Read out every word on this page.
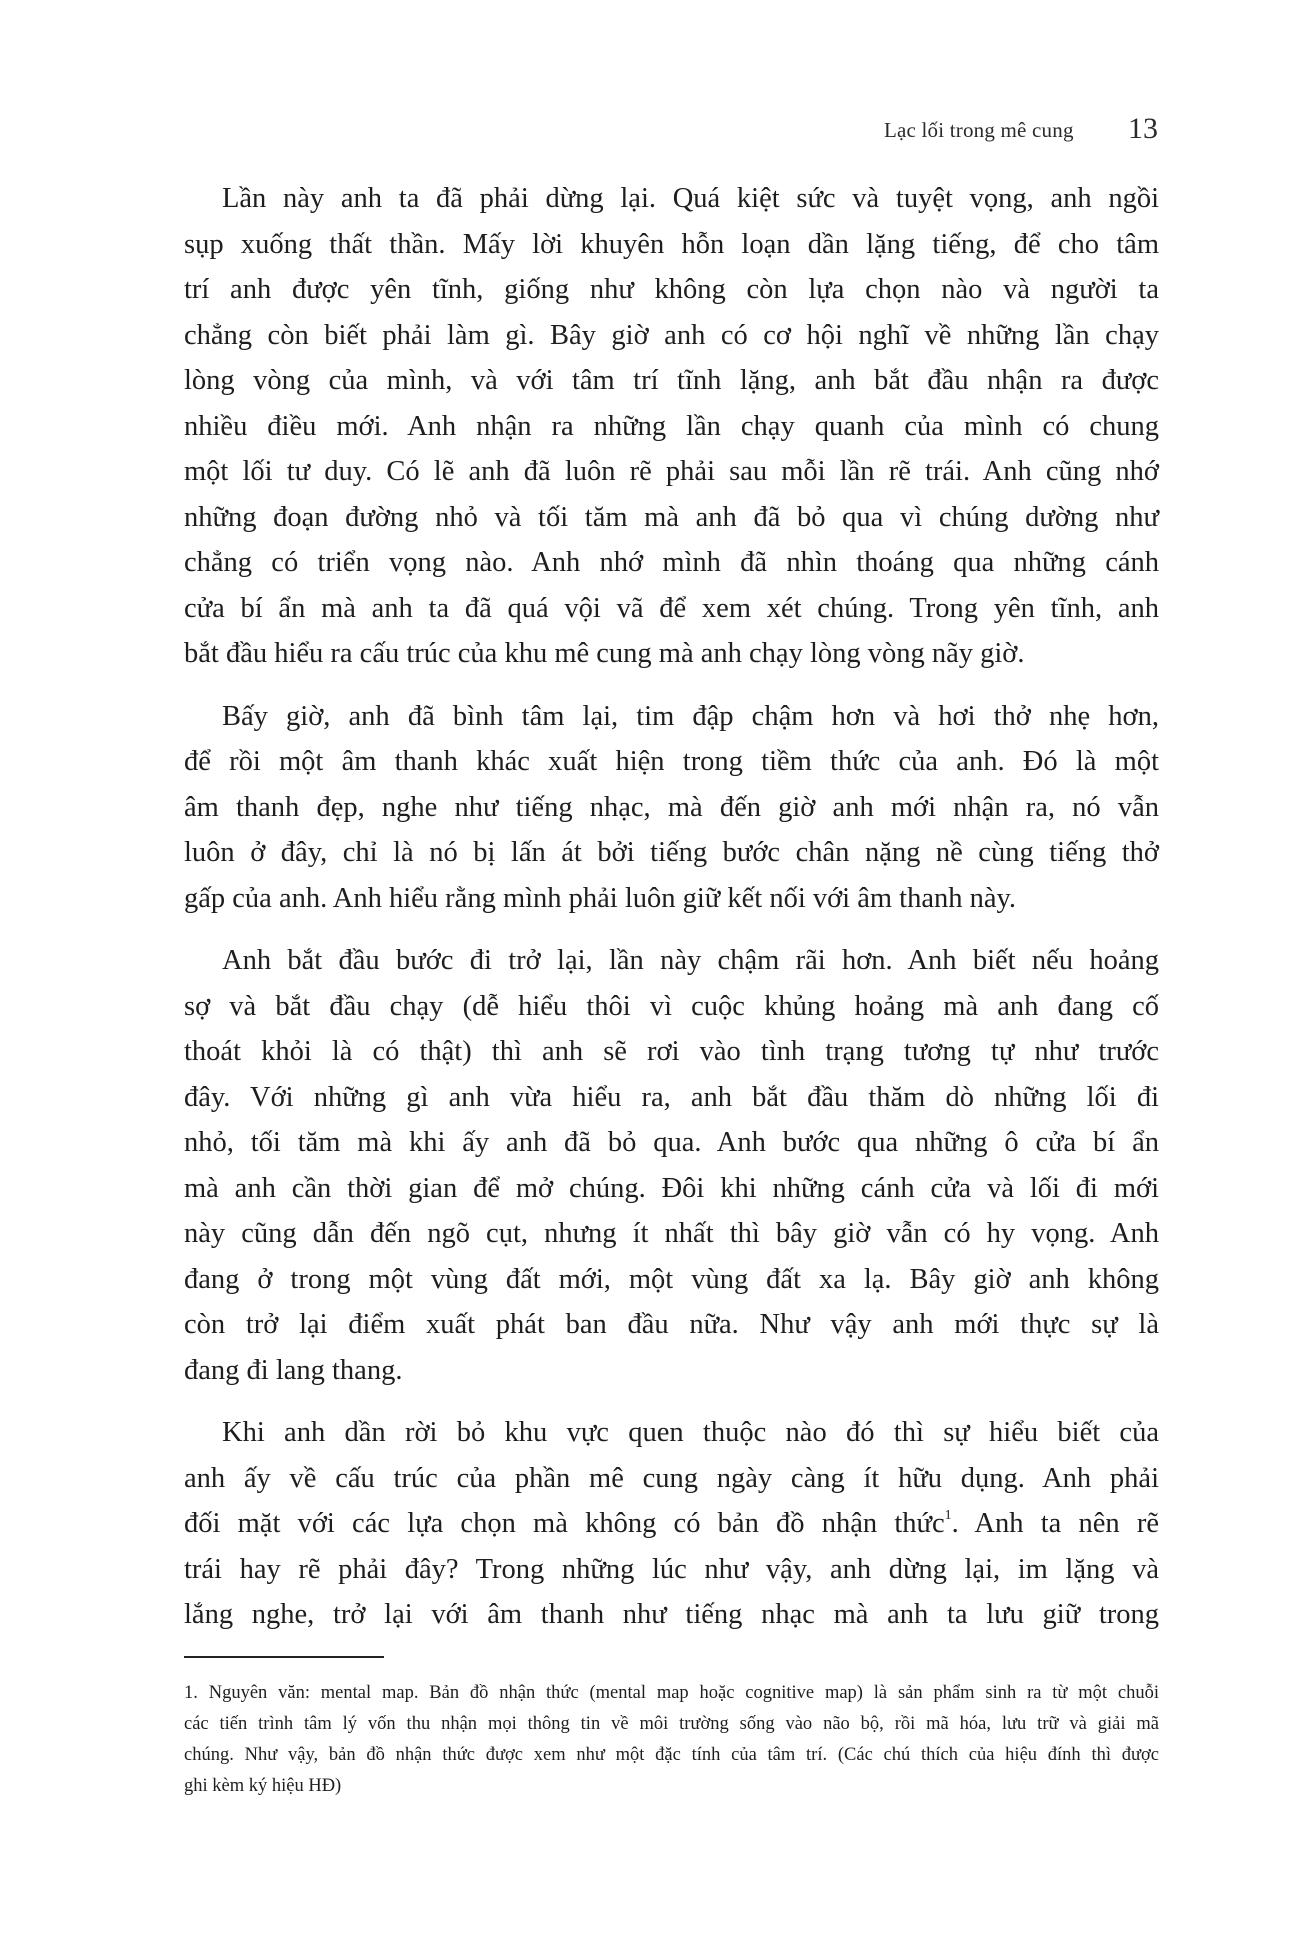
Lạc lối trong mê cung 13
Lần này anh ta đã phải dừng lại. Quá kiệt sức và tuyệt vọng, anh ngồi
sụp xuống thất thần. Mấy lời khuyên hỗn loạn dần lặng tiếng, để cho tâm
trí anh được yên tĩnh, giống như không còn lựa chọn nào và người ta
chẳng còn biết phải làm gì. Bây giờ anh có cơ hội nghĩ về những lần chạy
lòng vòng của mình, và với tâm trí tĩnh lặng, anh bắt đầu nhận ra được
nhiều điều mới. Anh nhận ra những lần chạy quanh của mình có chung
một lối tư duy. Có lẽ anh đã luôn rẽ phải sau mỗi lần rẽ trái. Anh cũng nhớ
những đoạn đường nhỏ và tối tăm mà anh đã bỏ qua vì chúng dường như
chẳng có triển vọng nào. Anh nhớ mình đã nhìn thoáng qua những cánh
cửa bí ẩn mà anh ta đã quá vội vã để xem xét chúng. Trong yên tĩnh, anh
bắt đầu hiểu ra cấu trúc của khu mê cung mà anh chạy lòng vòng nãy giờ.
Bấy giờ, anh đã bình tâm lại, tim đập chậm hơn và hơi thở nhẹ hơn,
để rồi một âm thanh khác xuất hiện trong tiềm thức của anh. Đó là một
âm thanh đẹp, nghe như tiếng nhạc, mà đến giờ anh mới nhận ra, nó vẫn
luôn ở đây, chỉ là nó bị lấn át bởi tiếng bước chân nặng nề cùng tiếng thở
gấp của anh. Anh hiểu rằng mình phải luôn giữ kết nối với âm thanh này.
Anh bắt đầu bước đi trở lại, lần này chậm rãi hơn. Anh biết nếu hoảng
sợ và bắt đầu chạy (dễ hiểu thôi vì cuộc khủng hoảng mà anh đang cố
thoát khỏi là có thật) thì anh sẽ rơi vào tình trạng tương tự như trước
đây. Với những gì anh vừa hiểu ra, anh bắt đầu thăm dò những lối đi
nhỏ, tối tăm mà khi ấy anh đã bỏ qua. Anh bước qua những ô cửa bí ẩn
mà anh cần thời gian để mở chúng. Đôi khi những cánh cửa và lối đi mới
này cũng dẫn đến ngõ cụt, nhưng ít nhất thì bây giờ vẫn có hy vọng. Anh
đang ở trong một vùng đất mới, một vùng đất xa lạ. Bây giờ anh không
còn trở lại điểm xuất phát ban đầu nữa. Như vậy anh mới thực sự là
đang đi lang thang.
Khi anh dần rời bỏ khu vực quen thuộc nào đó thì sự hiểu biết của
anh ấy về cấu trúc của phần mê cung ngày càng ít hữu dụng. Anh phải
đối mặt với các lựa chọn mà không có bản đồ nhận thức$^1$. Anh ta nên rẽ
trái hay rẽ phải đây? Trong những lúc như vậy, anh dừng lại, im lặng và
lắng nghe, trở lại với âm thanh như tiếng nhạc mà anh ta lưu giữ trong
1. Nguyên văn: mental map. Bản đồ nhận thức (mental map hoặc cognitive map) là sản phẩm sinh ra từ một chuỗi
các tiến trình tâm lý vốn thu nhận mọi thông tin về môi trường sống vào não bộ, rồi mã hóa, lưu trữ và giải mã
chúng. Như vậy, bản đồ nhận thức được xem như một đặc tính của tâm trí. (Các chú thích của hiệu đính thì được
ghi kèm ký hiệu HĐ)
